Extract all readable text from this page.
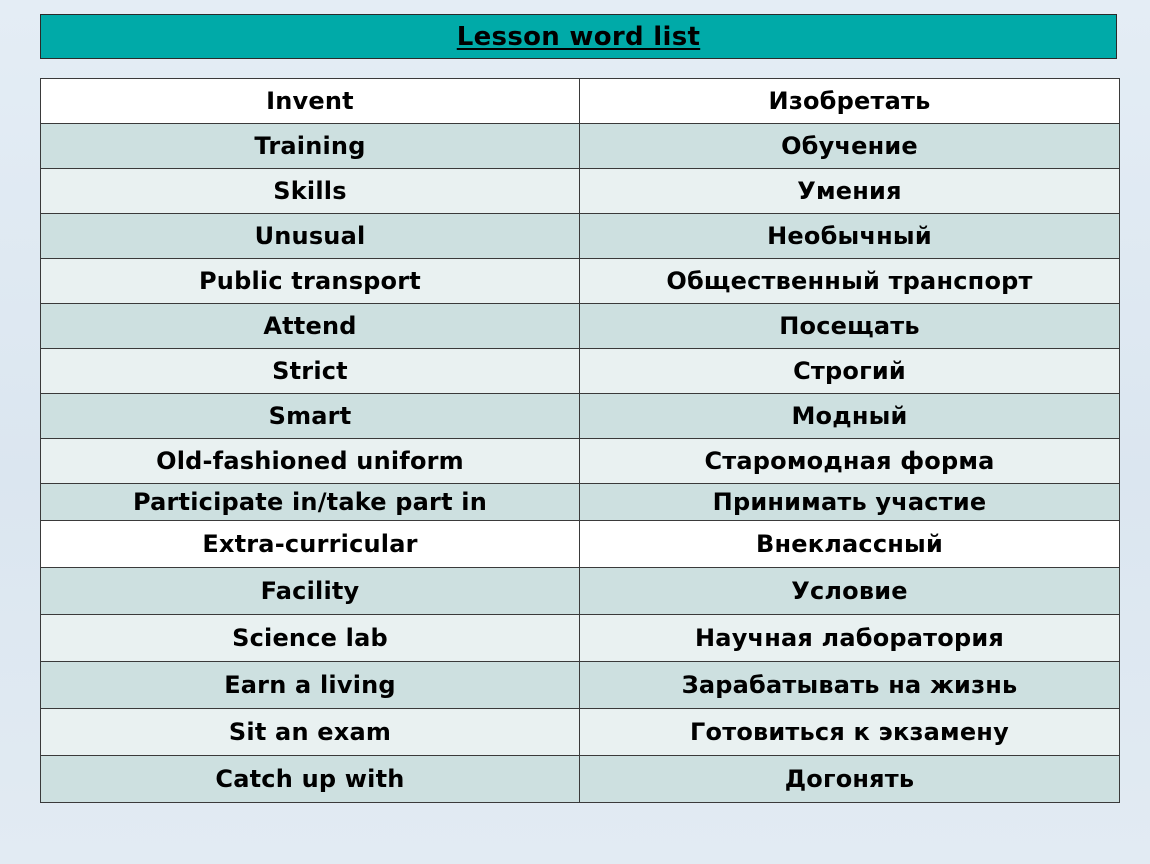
Lesson word list
Invent	Изобретать
Training	Обучение
Skills	Умения
Unusual	Необычный
Public transport	Общественный транспорт
Attend	Посещать
Strict	Строгий
Smart	Модный
Old-fashioned uniform	Старомодная форма
Participate in/take part in	Принимать участие
Extra-curricular	Внеклассный
Facility	Условие
Science lab	Научная лаборатория
Earn a living	Зарабатывать на жизнь
Sit an exam	Готовиться к экзамену
Catch up with	Догонять
